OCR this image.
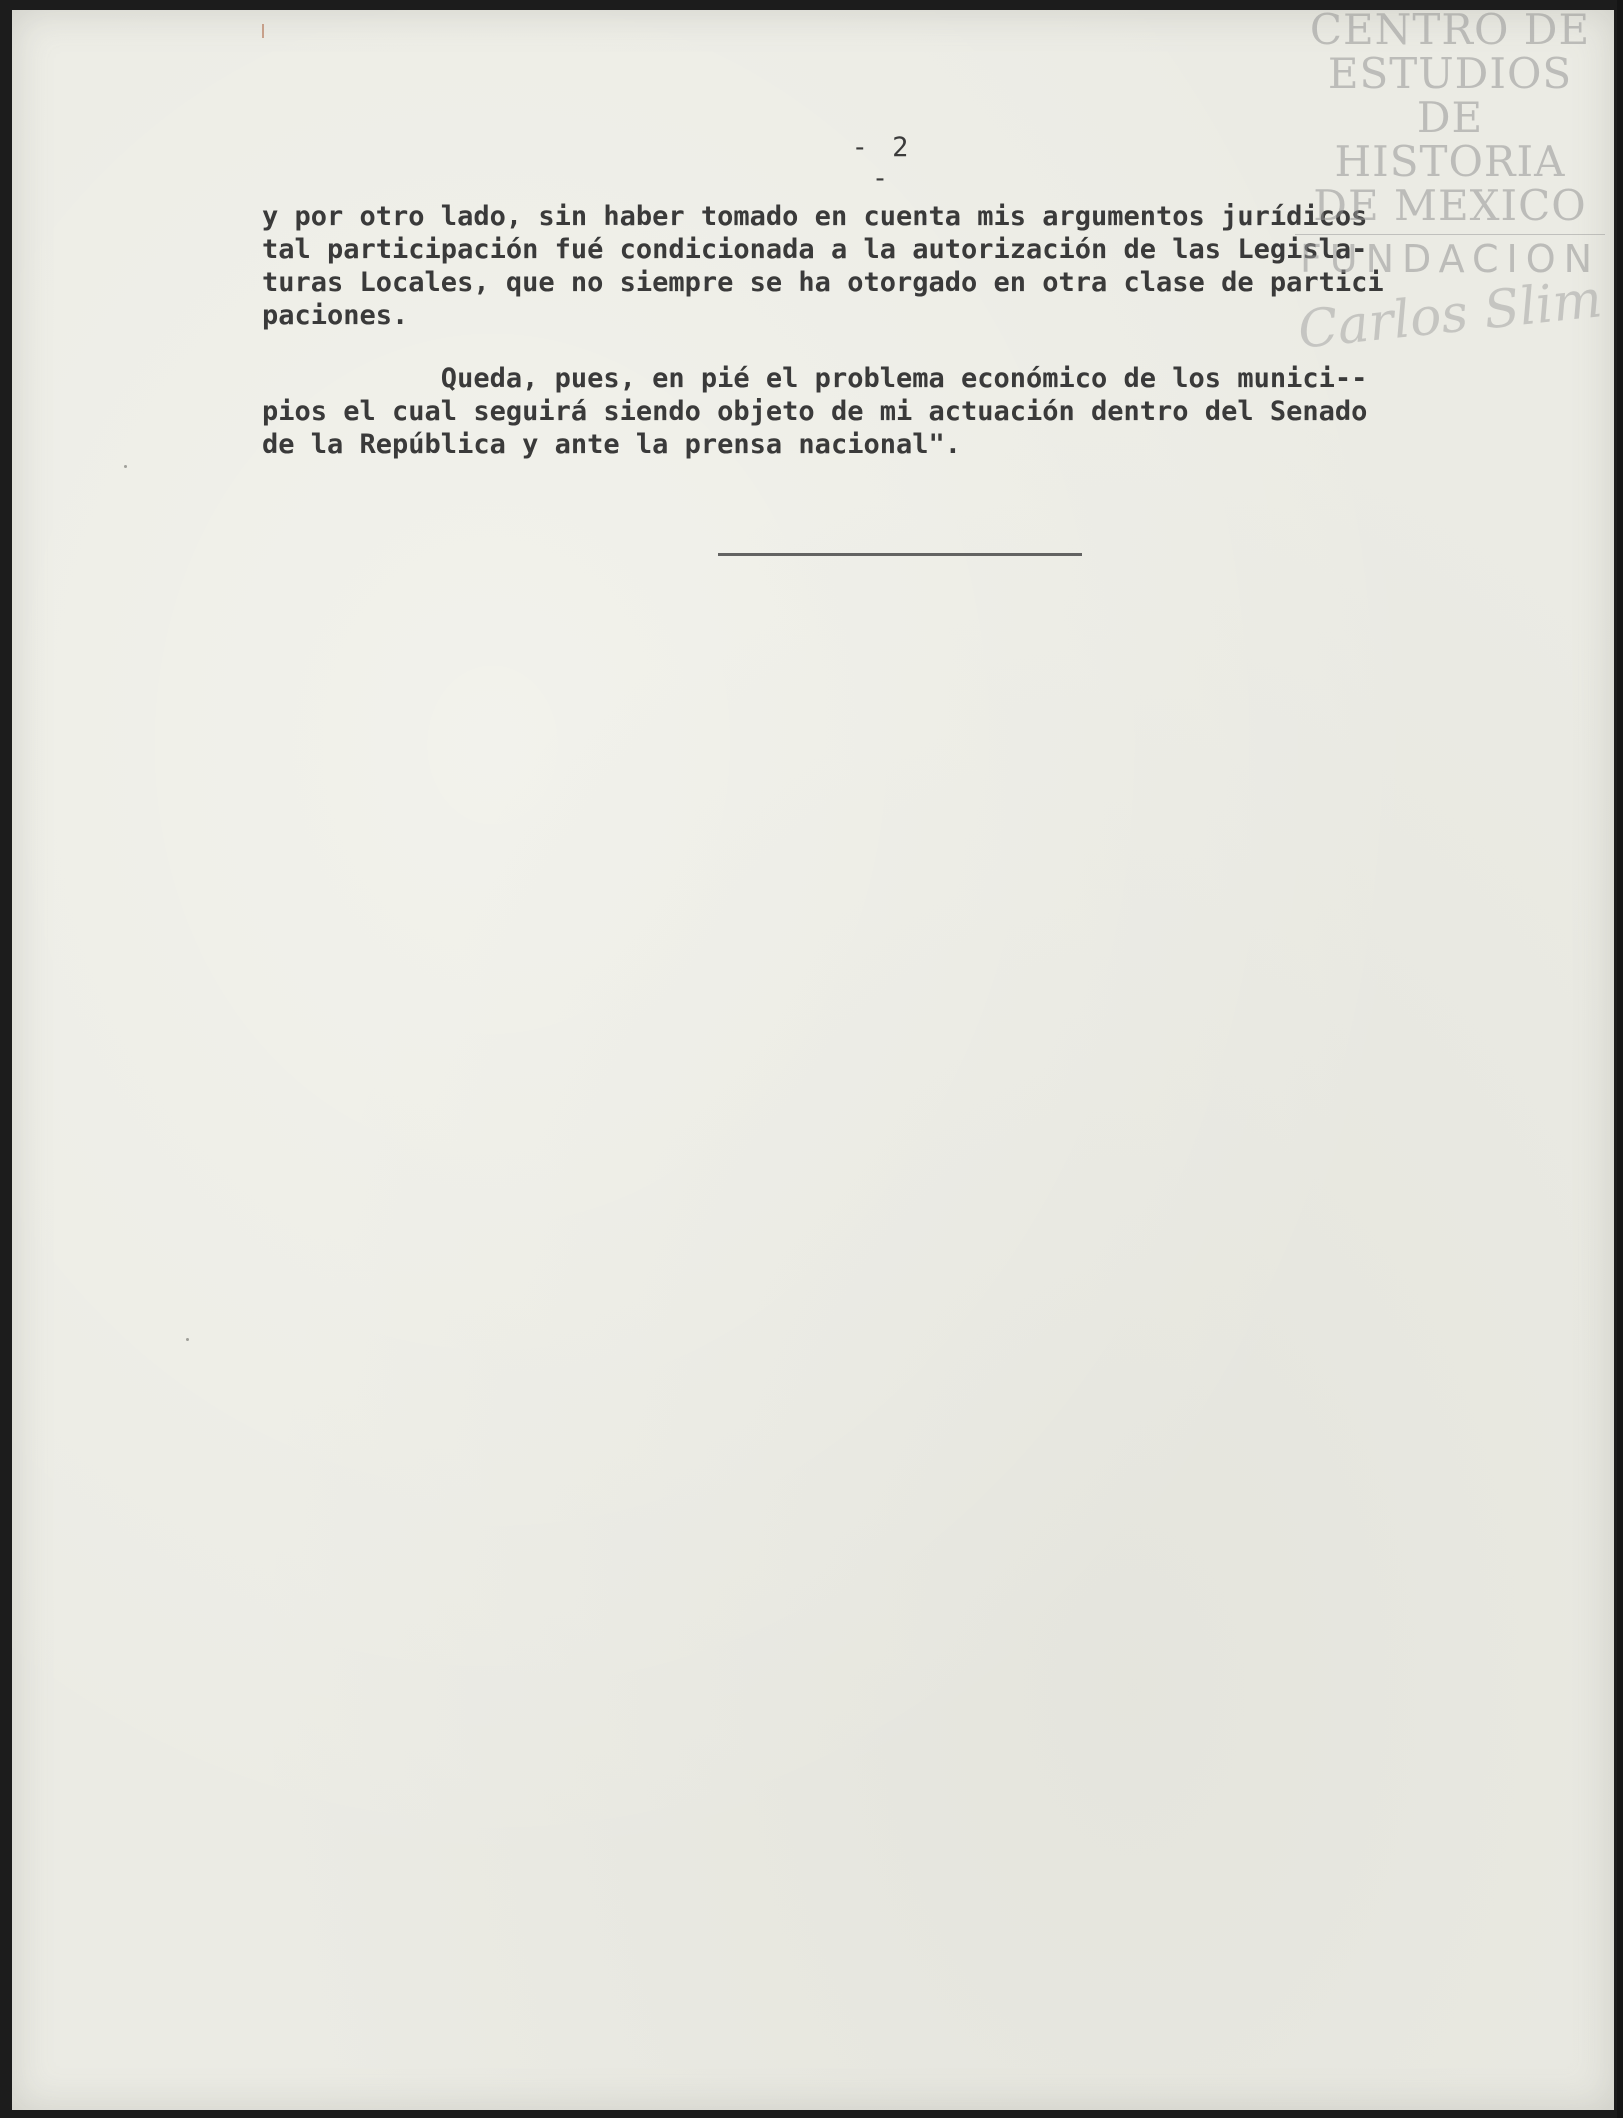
- 2 -

y por otro lado, sin haber tomado en cuenta mis argumentos jurídicos
tal participación fué condicionada a la autorización de las Legisla-
turas Locales, que no siempre se ha otorgado en otra clase de partici
paciones.

Queda, pues, en pié el problema económico de los munici--
pios el cual seguirá siendo objeto de mi actuación dentro del Senado
de la República y ante la prensa nacional".

CENTRO DE
ESTUDIOS
DE HISTORIA
DE MEXICO
FUNDACION
Carlos Slim
